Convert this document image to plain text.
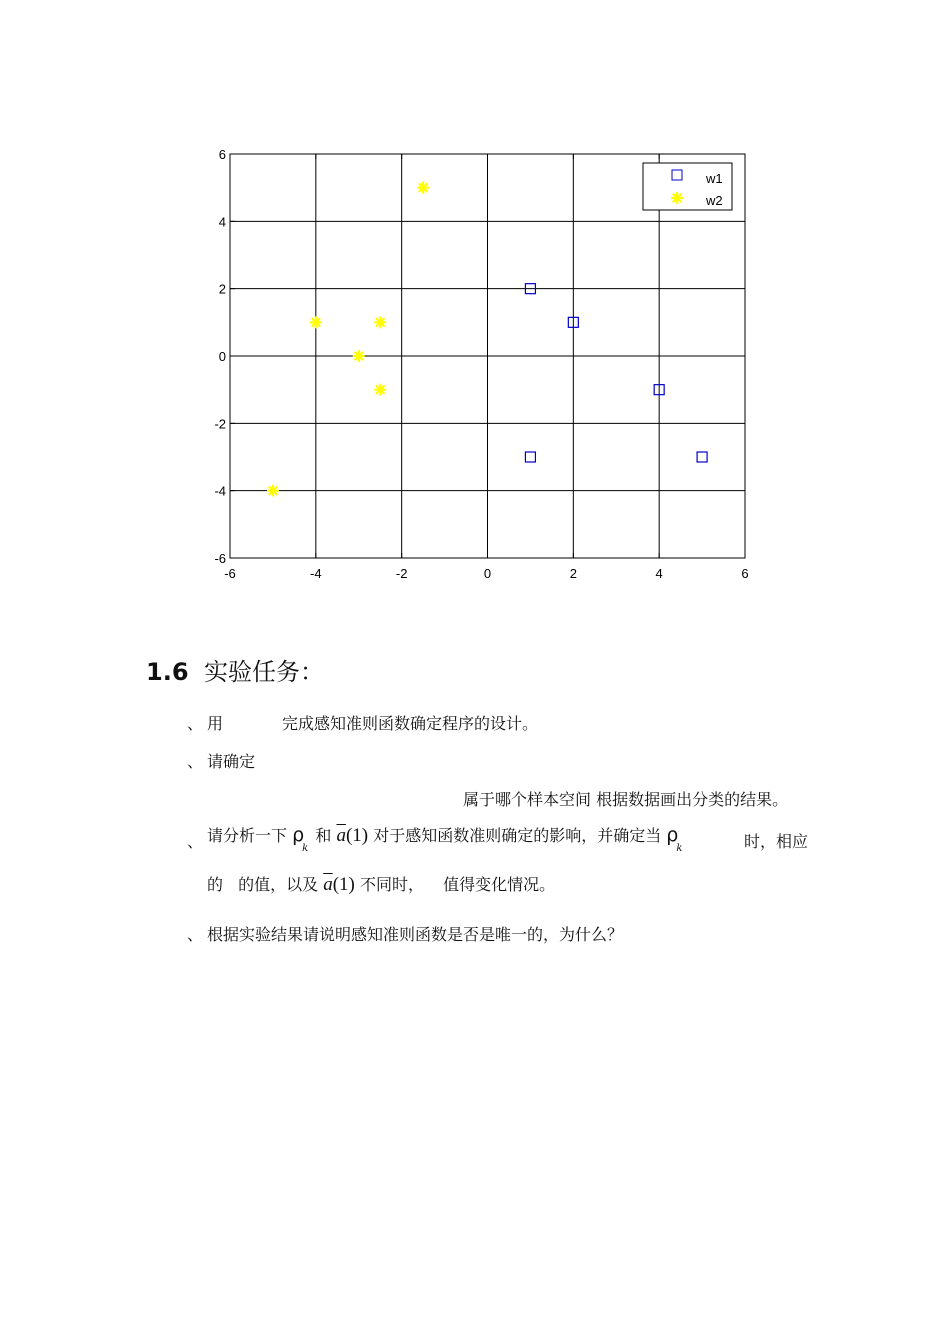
-6	-4	-2	0	2	4	6
6
4
2
0
-2
-4
-6
w1
w2
1.6 实验任务：
、 用	完成感知准则函数确定程序的设计。
、 请确定
属于哪个样本空间 根据数据画出分类的结果。
、 请分析一下 $\rho_k$ 和 $\overline{a}(1)$ 对于感知函数准则确定的影响，并确定当 $\rho_k$	时，相应
的 的值，以及 $\overline{a}(1)$ 不同时， 值得变化情况。
、 根据实验结果请说明感知准则函数是否是唯一的，为什么？
